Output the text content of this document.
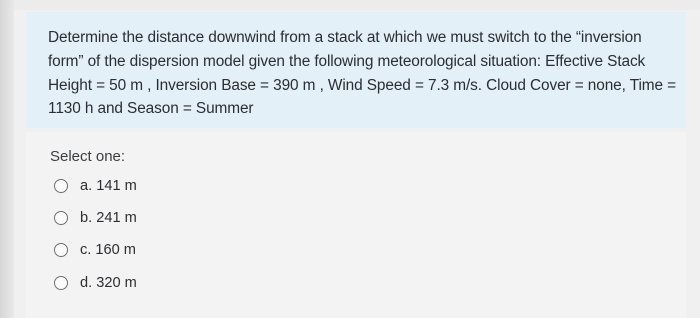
Determine the distance downwind from a stack at which we must switch to the “inversion form” of the dispersion model given the following meteorological situation: Effective Stack Height = 50 m , Inversion Base = 390 m , Wind Speed = 7.3 m/s. Cloud Cover = none, Time = 1130 h and Season = Summer

Select one:
a. 141 m
b. 241 m
c. 160 m
d. 320 m
